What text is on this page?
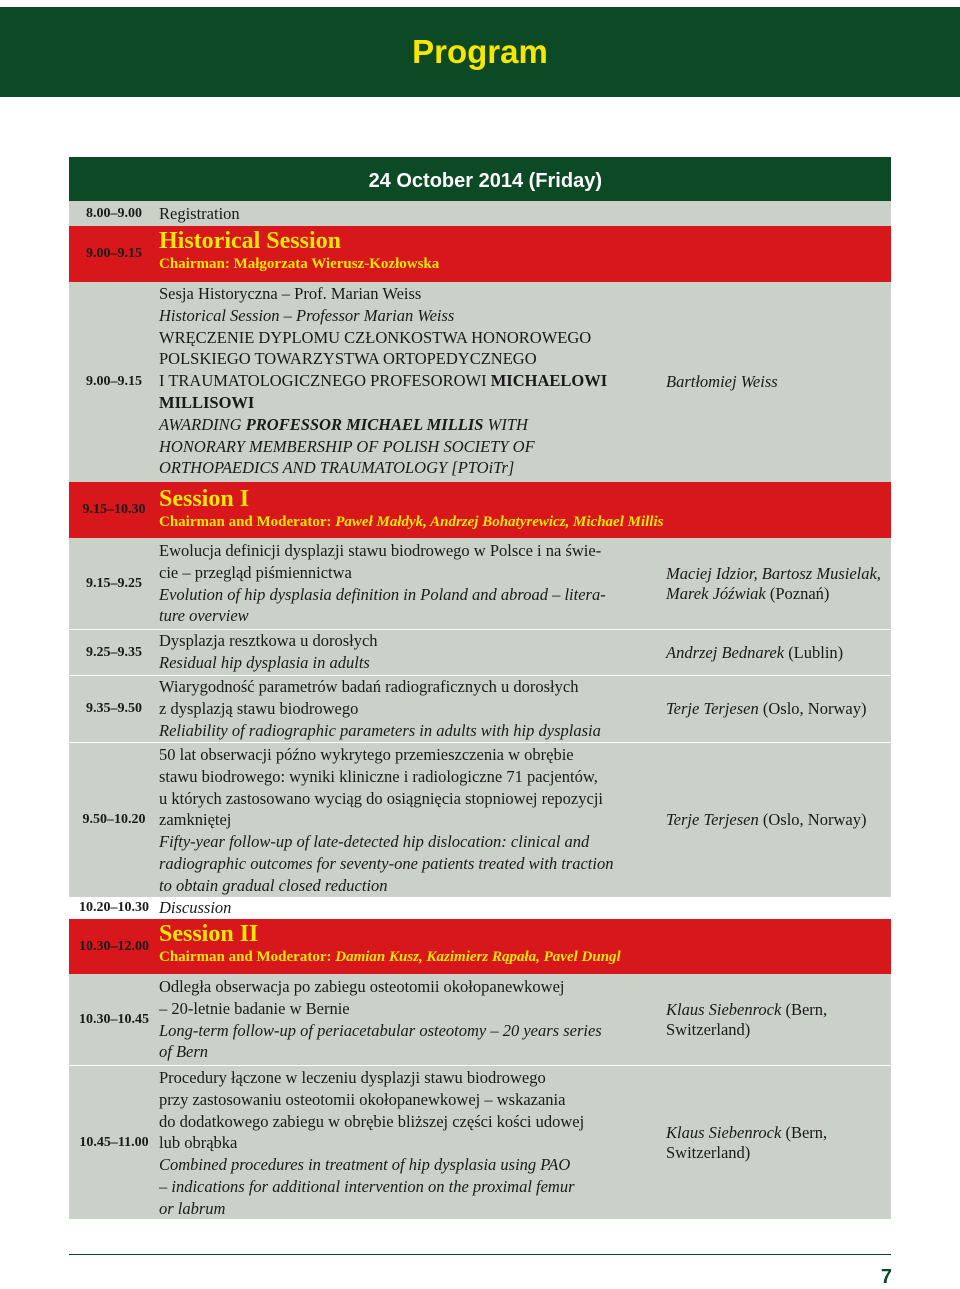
Program
24 October 2014 (Friday)
8.00–9.00	Registration
9.00–9.15 Historical Session
Chairman: Małgorzata Wierusz-Kozłowska
9.00–9.15
Sesja Historyczna – Prof. Marian Weiss
Historical Session – Professor Marian Weiss
WRĘCZENIE DYPLOMU CZŁONKOSTWA HONOROWEGO
POLSKIEGO TOWARZYSTWA ORTOPEDYCZNEGO
I TRAUMATOLOGICZNEGO PROFESOROWI MICHAELOWI
MILLISOWI
AWARDING PROFESSOR MICHAEL MILLIS WITH
HONORARY MEMBERSHIP OF POLISH SOCIETY OF
ORTHOPAEDICS AND TRAUMATOLOGY [PTOiTr]
Bartłomiej Weiss
9.15–10.30 Session I
Chairman and Moderator: Paweł Małdyk, Andrzej Bohatyrewicz, Michael Millis
9.15–9.25
Ewolucja definicji dysplazji stawu biodrowego w Polsce i na świe-
cie – przegląd piśmiennictwa
Evolution of hip dysplasia definition in Poland and abroad – litera-
ture overview
Maciej Idzior, Bartosz Musielak,
Marek Jóźwiak (Poznań)
9.25–9.35
Dysplazja resztkowa u dorosłych
Residual hip dysplasia in adults
Andrzej Bednarek (Lublin)
9.35–9.50
Wiarygodność parametrów badań radiograficznych u dorosłych
z dysplazją stawu biodrowego
Reliability of radiographic parameters in adults with hip dysplasia
Terje Terjesen (Oslo, Norway)
9.50–10.20
50 lat obserwacji późno wykrytego przemieszczenia w obrębie
stawu biodrowego: wyniki kliniczne i radiologiczne 71 pacjentów,
u których zastosowano wyciąg do osiągnięcia stopniowej repozycji
zamkniętej
Fifty-year follow-up of late-detected hip dislocation: clinical and
radiographic outcomes for seventy-one patients treated with traction
to obtain gradual closed reduction
Terje Terjesen (Oslo, Norway)
10.20–10.30 Discussion
10.30–12.00 Session II
Chairman and Moderator: Damian Kusz, Kazimierz Rąpała, Pavel Dungl
10.30–10.45
Odległa obserwacja po zabiegu osteotomii okołopanewkowej
– 20-letnie badanie w Bernie
Long-term follow-up of periacetabular osteotomy – 20 years series
of Bern
Klaus Siebenrock (Bern,
Switzerland)
10.45–11.00
Procedury łączone w leczeniu dysplazji stawu biodrowego
przy zastosowaniu osteotomii okołopanewkowej – wskazania
do dodatkowego zabiegu w obrębie bliższej części kości udowej
lub obrąbka
Combined procedures in treatment of hip dysplasia using PAO
– indications for additional intervention on the proximal femur
or labrum
Klaus Siebenrock (Bern,
Switzerland)
7
